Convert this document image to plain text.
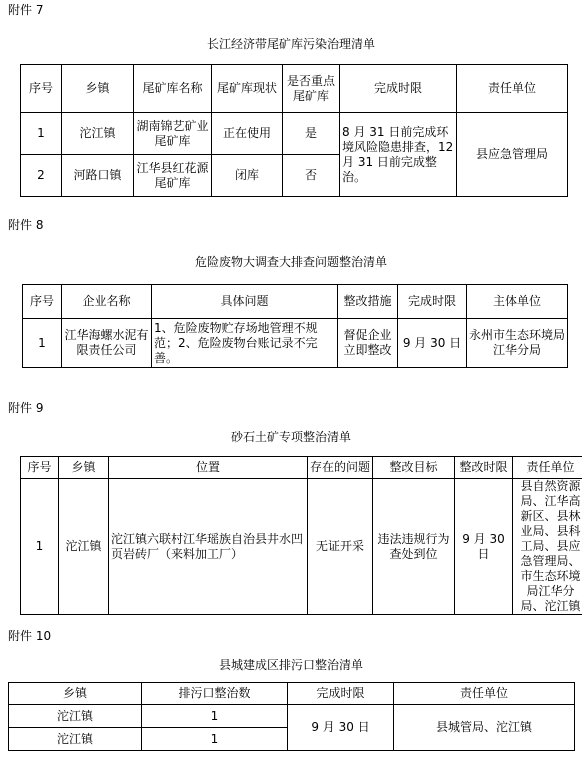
附件 7
长江经济带尾矿库污染治理清单
序号	乡镇	尾矿库名称	尾矿库现状	是否重点尾矿库	完成时限	责任单位
1	沱江镇	湖南锦艺矿业尾矿库	正在使用	是	8 月 31 日前完成环境风险隐患排查，12 月 31 日前完成整治。	县应急管理局
2	河路口镇	江华县红花源尾矿库	闭库	否		
附件 8
危险废物大调查大排查问题整治清单
序号	企业名称	具体问题	整改措施	完成时限	主体单位
1	江华海螺水泥有限责任公司	1、危险废物贮存场地管理不规范；2、危险废物台账记录不完善。	督促企业立即整改	9 月 30 日	永州市生态环境局江华分局
附件 9
砂石土矿专项整治清单
序号	乡镇	位置	存在的问题	整改目标	整改时限	责任单位
1	沱江镇	沱江镇六联村江华瑶族自治县井水凹页岩砖厂（来料加工厂）	无证开采	违法违规行为查处到位	9 月 30 日	县自然资源局、江华高新区、县林业局、县科工局、县应急管理局、市生态环境局江华分局、沱江镇
附件 10
县城建成区排污口整治清单
乡镇	排污口整治数	完成时限	责任单位
沱江镇	1	9 月 30 日	县城管局、沱江镇
沱江镇	1		
